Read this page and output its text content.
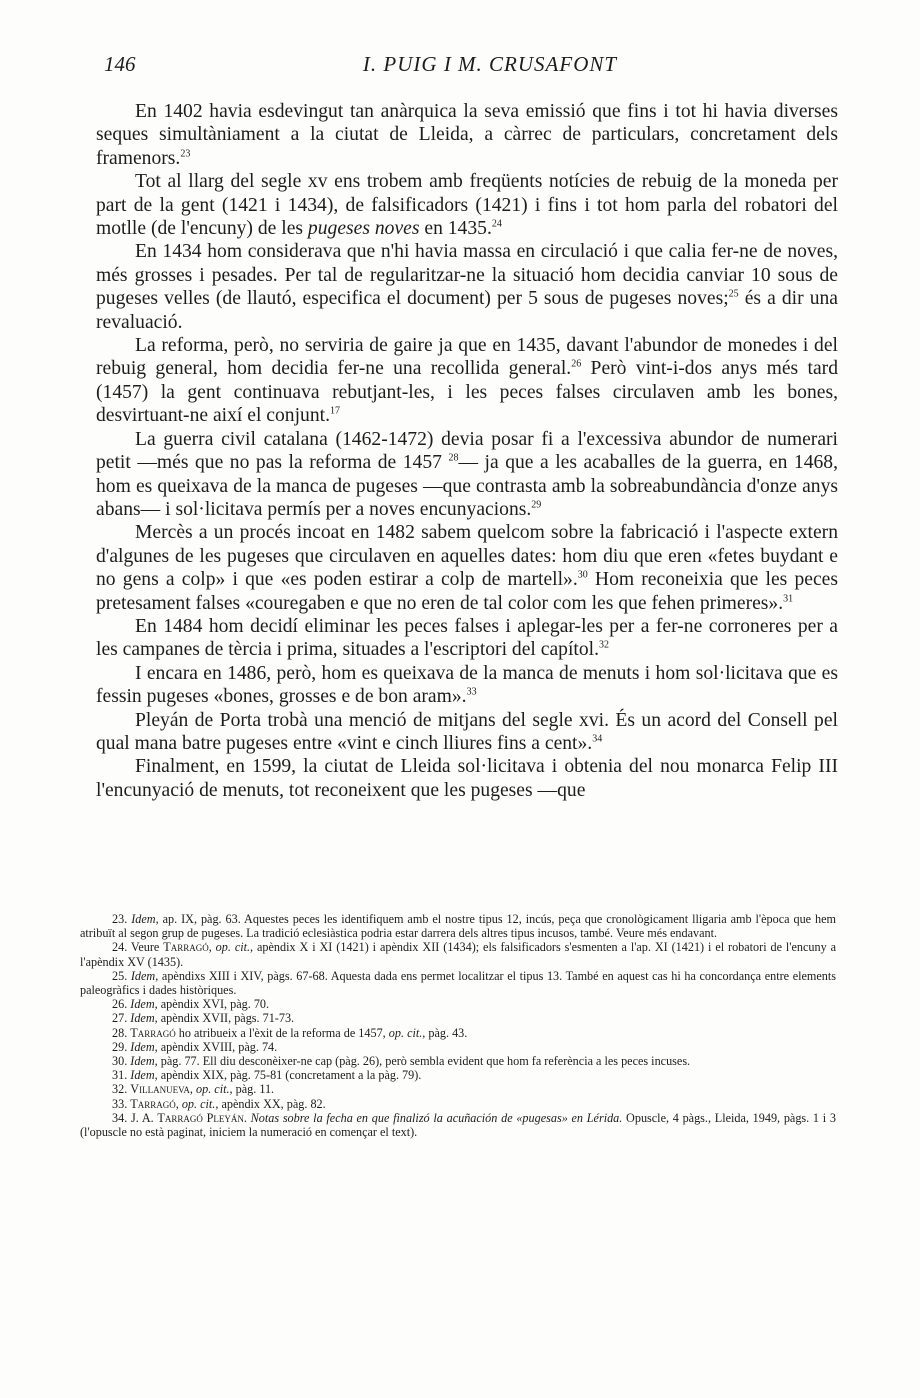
146	I. PUIG I M. CRUSAFONT

En 1402 havia esdevingut tan anàrquica la seva emissió que fins i tot hi havia diverses seques simultàniament a la ciutat de Lleida, a càrrec de particulars, concretament dels framenors.$^{23}$

Tot al llarg del segle xv ens trobem amb freqüents notícies de rebuig de la moneda per part de la gent (1421 i 1434), de falsificadors (1421) i fins i tot hom parla del robatori del motlle (de l'encuny) de les pugeses noves en 1435.24

En 1434 hom considerava que n'hi havia massa en circulació i que calia fer-ne de noves, més grosses i pesades. Per tal de regularitzar-ne la situació hom decidia canviar 10 sous de pugeses velles (de llautó, especifica el document) per 5 sous de pugeses noves;$^{25}$ és a dir una revaluació.

La reforma, però, no serviria de gaire ja que en 1435, davant l'abundor de monedes i del rebuig general, hom decidia fer-ne una recollida general.$^{26}$ Però vint-i-dos anys més tard (1457) la gent continuava rebutjant-les, i les peces falses circulaven amb les bones, desvirtuant-ne així el conjunt.$^{17}$

La guerra civil catalana (1462-1472) devia posar fi a l'excessiva abundor de numerari petit —més que no pas la reforma de 1457 $^{28}$— ja que a les acaballes de la guerra, en 1468, hom es queixava de la manca de pugeses —que contrasta amb la sobreabundància d'onze anys abans— i sol·licitava permís per a noves encunyacions.$^{29}$

Mercès a un procés incoat en 1482 sabem quelcom sobre la fabricació i l'aspecte extern d'algunes de les pugeses que circulaven en aquelles dates: hom diu que eren «fetes buydant e no gens a colp» i que «es poden estirar a colp de martell».$^{30}$ Hom reconeixia que les peces pretesament falses «couregaben e que no eren de tal color com les que fehen primeres».$^{31}$

En 1484 hom decidí eliminar les peces falses i aplegar-les per a fer-ne corroneres per a les campanes de tèrcia i prima, situades a l'escriptori del capítol.$^{32}$

I encara en 1486, però, hom es queixava de la manca de menuts i hom sol·licitava que es fessin pugeses «bones, grosses e de bon aram».$^{33}$

Pleyán de Porta trobà una menció de mitjans del segle xvi. És un acord del Consell pel qual mana batre pugeses entre «vint e cinch lliures fins a cent».$^{34}$

Finalment, en 1599, la ciutat de Lleida sol·licitava i obtenia del nou monarca Felip III l'encunyació de menuts, tot reconeixent que les pugeses —que

23. Idem, ap. IX, pàg. 63. Aquestes peces les identifiquem amb el nostre tipus 12, incús, peça que cronològicament lligaria amb l'època que hem atribuït al segon grup de pugeses. La tradició eclesiàstica podria estar darrera dels altres tipus incusos, també. Veure més endavant.

24. Veure Tarragó, op. cit., apèndix X i XI (1421) i apèndix XII (1434); els falsificadors s'esmenten a l'ap. XI (1421) i el robatori de l'encuny a l'apèndix XV (1435).

25. Idem, apèndixs XIII i XIV, pàgs. 67-68. Aquesta dada ens permet localitzar el tipus 13. També en aquest cas hi ha concordança entre elements paleogràfics i dades històriques.

26. Idem, apèndix XVI, pàg. 70.

27. Idem, apèndix XVII, pàgs. 71-73.

28. Tarragó ho atribueix a l'èxit de la reforma de 1457, op. cit., pàg. 43.

29. Idem, apèndix XVIII, pàg. 74.

30. Idem, pàg. 77. Ell diu desconèixer-ne cap (pàg. 26), però sembla evident que hom fa referència a les peces incuses.

31. Idem, apèndix XIX, pàg. 75-81 (concretament a la pàg. 79).

32. Villanueva, op. cit., pàg. 11.

33. Tarragó, op. cit., apèndix XX, pàg. 82.

34. J. A. Tarragó Pleyán. Notas sobre la fecha en que finalizó la acuñación de «pugesas» en Lérida. Opuscle, 4 pàgs., Lleida, 1949, pàgs. 1 i 3 (l'opuscle no està paginat, iniciem la numeració en començar el text).
